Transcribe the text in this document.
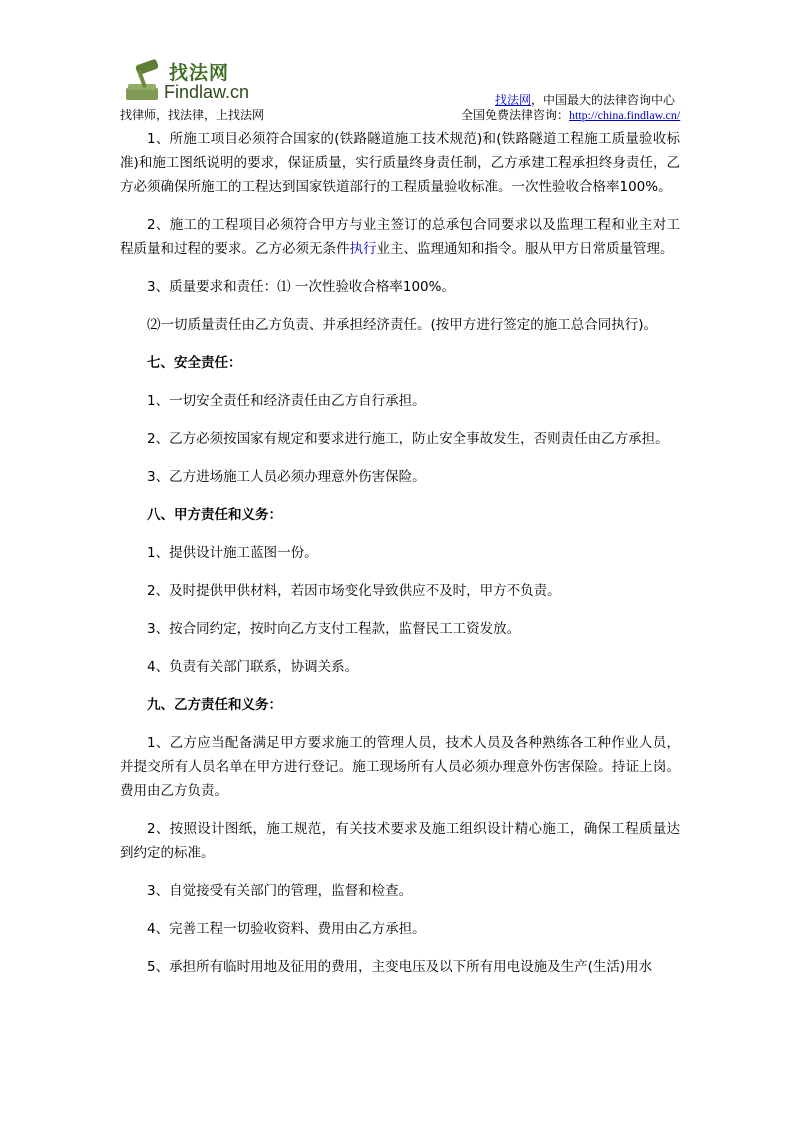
找法网
Findlaw.cn
找律师，找法律，上找法网
找法网，中国最大的法律咨询中心
全国免费法律咨询：http://china.findlaw.cn/

1、所施工项目必须符合国家的(铁路隧道施工技术规范)和(铁路隧道工程施工质量验收标准)和施工图纸说明的要求，保证质量，实行质量终身责任制，乙方承建工程承担终身责任，乙方必须确保所施工的工程达到国家铁道部行的工程质量验收标准。一次性验收合格率100%。

2、施工的工程项目必须符合甲方与业主签订的总承包合同要求以及监理工程和业主对工程质量和过程的要求。乙方必须无条件执行业主、监理通知和指令。服从甲方日常质量管理。

3、质量要求和责任：⑴ 一次性验收合格率100%。

⑵一切质量责任由乙方负责、并承担经济责任。(按甲方进行签定的施工总合同执行)。

七、安全责任：

1、一切安全责任和经济责任由乙方自行承担。

2、乙方必须按国家有规定和要求进行施工，防止安全事故发生，否则责任由乙方承担。

3、乙方进场施工人员必须办理意外伤害保险。

八、甲方责任和义务：

1、提供设计施工蓝图一份。

2、及时提供甲供材料，若因市场变化导致供应不及时，甲方不负责。

3、按合同约定，按时向乙方支付工程款，监督民工工资发放。

4、负责有关部门联系，协调关系。

九、乙方责任和义务：

1、乙方应当配备满足甲方要求施工的管理人员，技术人员及各种熟练各工种作业人员，并提交所有人员名单在甲方进行登记。施工现场所有人员必须办理意外伤害保险。持证上岗。费用由乙方负责。

2、按照设计图纸，施工规范，有关技术要求及施工组织设计精心施工，确保工程质量达到约定的标准。

3、自觉接受有关部门的管理，监督和检查。

4、完善工程一切验收资料、费用由乙方承担。

5、承担所有临时用地及征用的费用，主变电压及以下所有用电设施及生产(生活)用水
